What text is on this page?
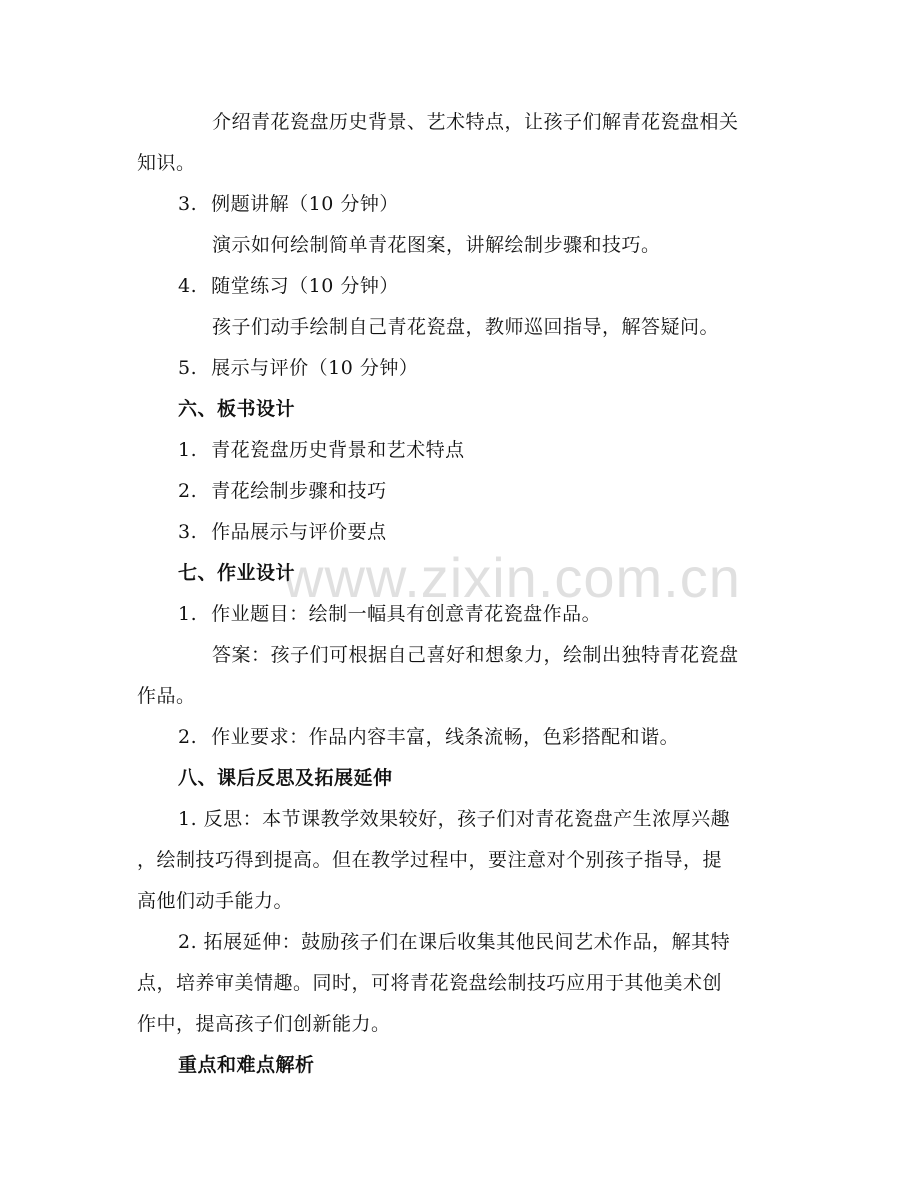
www.zixin.com.cn
介绍青花瓷盘历史背景、艺术特点，让孩子们解青花瓷盘相关
知识。
3. 例题讲解（10 分钟）
演示如何绘制简单青花图案，讲解绘制步骤和技巧。
4. 随堂练习（10 分钟）
孩子们动手绘制自己青花瓷盘，教师巡回指导，解答疑问。
5. 展示与评价（10 分钟）
六、板书设计
1. 青花瓷盘历史背景和艺术特点
2. 青花绘制步骤和技巧
3. 作品展示与评价要点
七、作业设计
1. 作业题目：绘制一幅具有创意青花瓷盘作品。
答案：孩子们可根据自己喜好和想象力，绘制出独特青花瓷盘
作品。
2. 作业要求：作品内容丰富，线条流畅，色彩搭配和谐。
八、课后反思及拓展延伸
1. 反思：本节课教学效果较好，孩子们对青花瓷盘产生浓厚兴趣
，绘制技巧得到提高。但在教学过程中，要注意对个别孩子指导，提
高他们动手能力。
2. 拓展延伸：鼓励孩子们在课后收集其他民间艺术作品，解其特
点，培养审美情趣。同时，可将青花瓷盘绘制技巧应用于其他美术创
作中，提高孩子们创新能力。
重点和难点解析
